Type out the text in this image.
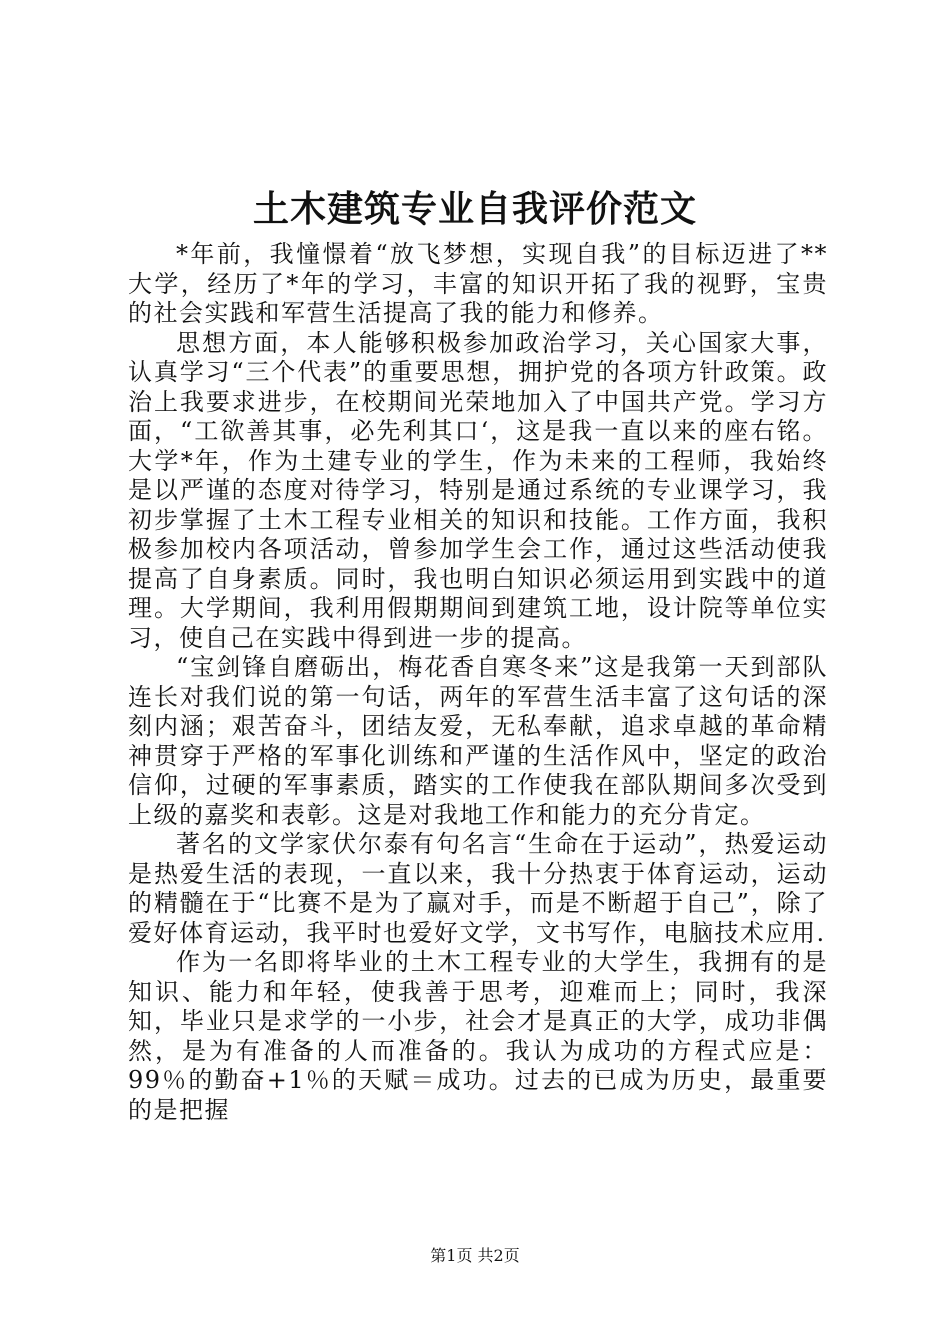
土木建筑专业自我评价范文

*年前，我憧憬着“放飞梦想，实现自我”的目标迈进了**大学，经历了*年的学习，丰富的知识开拓了我的视野，宝贵的社会实践和军营生活提高了我的能力和修养。

思想方面，本人能够积极参加政治学习，关心国家大事，认真学习“三个代表”的重要思想，拥护党的各项方针政策。政治上我要求进步，在校期间光荣地加入了中国共产党。学习方面，“工欲善其事，必先利其口‘，这是我一直以来的座右铭。大学*年，作为土建专业的学生，作为未来的工程师，我始终是以严谨的态度对待学习，特别是通过系统的专业课学习，我初步掌握了土木工程专业相关的知识和技能。工作方面，我积极参加校内各项活动，曾参加学生会工作，通过这些活动使我提高了自身素质。同时，我也明白知识必须运用到实践中的道理。大学期间，我利用假期期间到建筑工地，设计院等单位实习，使自己在实践中得到进一步的提高。

“宝剑锋自磨砺出，梅花香自寒冬来”这是我第一天到部队连长对我们说的第一句话，两年的军营生活丰富了这句话的深刻内涵；艰苦奋斗，团结友爱，无私奉献，追求卓越的革命精神贯穿于严格的军事化训练和严谨的生活作风中，坚定的政治信仰，过硬的军事素质，踏实的工作使我在部队期间多次受到上级的嘉奖和表彰。这是对我地工作和能力的充分肯定。

著名的文学家伏尔泰有句名言“生命在于运动”，热爱运动是热爱生活的表现，一直以来，我十分热衷于体育运动，运动的精髓在于“比赛不是为了赢对手，而是不断超于自己”，除了爱好体育运动，我平时也爱好文学，文书写作，电脑技术应用.

作为一名即将毕业的土木工程专业的大学生，我拥有的是知识、能力和年轻，使我善于思考，迎难而上；同时，我深知，毕业只是求学的一小步，社会才是真正的大学，成功非偶然，是为有准备的人而准备的。我认为成功的方程式应是：99％的勤奋+1％的天赋＝成功。过去的已成为历史，最重要的是把握

第1页 共2页
